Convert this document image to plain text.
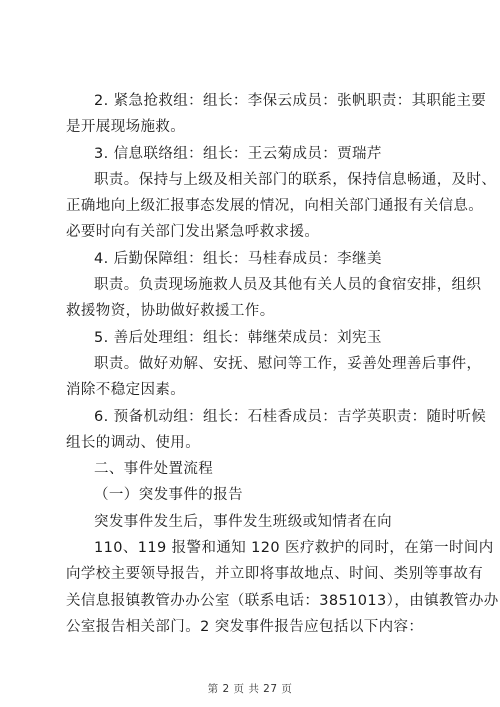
2. 紧急抢救组：组长：李保云成员：张帆职责：其职能主要
是开展现场施救。
3. 信息联络组：组长：王云菊成员：贾瑞芹
职责。保持与上级及相关部门的联系，保持信息畅通，及时、
正确地向上级汇报事态发展的情况，向相关部门通报有关信息。
必要时向有关部门发出紧急呼救求援。
4. 后勤保障组：组长：马桂春成员：李继美
职责。负责现场施救人员及其他有关人员的食宿安排，组织
救援物资，协助做好救援工作。
5. 善后处理组：组长：韩继荣成员：刘宪玉
职责。做好劝解、安抚、慰问等工作，妥善处理善后事件，
消除不稳定因素。
6. 预备机动组：组长：石桂香成员：吉学英职责：随时听候
组长的调动、使用。
二、事件处置流程
（一）突发事件的报告
突发事件发生后，事件发生班级或知情者在向
110、119 报警和通知 120 医疗救护的同时，在第一时间内
向学校主要领导报告，并立即将事故地点、时间、类别等事故有
关信息报镇教管办办公室（联系电话：3851013），由镇教管办办
公室报告相关部门。2 突发事件报告应包括以下内容：
第 2 页 共 27 页
